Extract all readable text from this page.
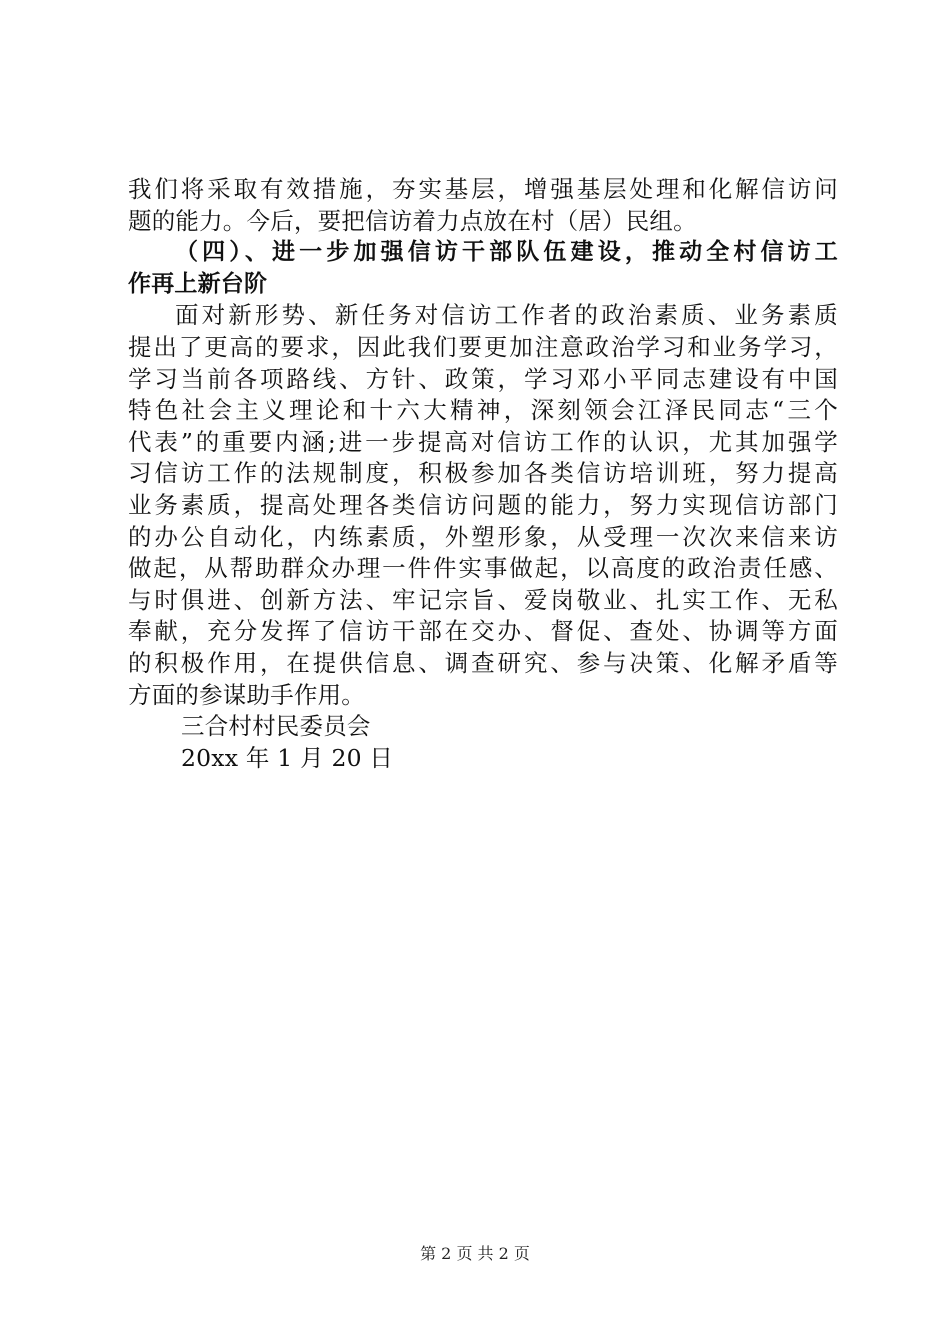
我们将采取有效措施，夯实基层，增强基层处理和化解信访问
题的能力。今后，要把信访着力点放在村（居）民组。
（四）、进一步加强信访干部队伍建设，推动全村信访工
作再上新台阶
面对新形势、新任务对信访工作者的政治素质、业务素质
提出了更高的要求，因此我们要更加注意政治学习和业务学习，
学习当前各项路线、方针、政策，学习邓小平同志建设有中国
特色社会主义理论和十六大精神，深刻领会江泽民同志“三个
代表”的重要内涵;进一步提高对信访工作的认识，尤其加强学
习信访工作的法规制度，积极参加各类信访培训班，努力提高
业务素质，提高处理各类信访问题的能力，努力实现信访部门
的办公自动化，内练素质，外塑形象，从受理一次次来信来访
做起，从帮助群众办理一件件实事做起，以高度的政治责任感、
与时俱进、创新方法、牢记宗旨、爱岗敬业、扎实工作、无私
奉献，充分发挥了信访干部在交办、督促、查处、协调等方面
的积极作用，在提供信息、调查研究、参与决策、化解矛盾等
方面的参谋助手作用。
三合村村民委员会
20xx 年 1 月 20 日
第 2 页 共 2 页
